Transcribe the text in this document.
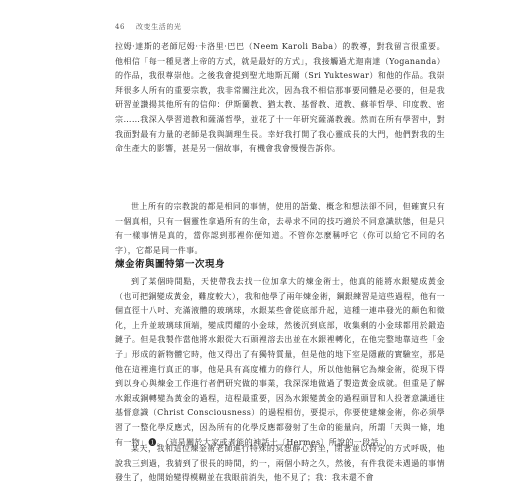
46 改变生活的光
拉姆·達斯的老師尼姆·卡洛里·巴巴（Neem Karoli Baba）的教導，對我留言很重要。他相信「每一種見著上帝的方式，就是最好的方式」，我接觸過尤迦南達（Yogananda）的作品，我很尊崇他。之後我會提到聖尤地斯瓦爾（Sri Yukteswar）和他的作品。我崇拜很多人所有的重要宗教，我非常關注此次，因為我不相信那事要同體是必要的，但是我研習並讚揚其他所有的信仰：伊斯蘭教、猶太教、基督教、道教、蘇菲哲學、印度教、密宗……我深入學習道教和薩滿哲學，並花了十一年研究薩滿教義。然而在所有學習中，對我面對最有力量的老師是我與調理生長。幸好我打開了我心靈成長的大門，他們對我的生命生產大的影響，甚是另一個故事，有機會我會慢慢告訴你。
世上所有的宗教說的都是相同的事情，使用的語彙、概念和想法卻不同，但確實只有一個真相，只有一個靈性拿過所有的生命，去尋求不同的技巧適於不同意識狀態，但是只有一樣事情是真的，當你認到那裡你便知道。不管你怎麼稱呼它（你可以給它不同的名字），它都是同一件事。
煉金術與圖特第一次現身
到了某個時間點，天使帶我去找一位加拿大的煉金術士，他真的能將水銀變成黃金（也可把銅變成黃金，難度較大），我和他學了兩年煉金術，鋼銀練習是這些過程，他有一個直徑十八吋、充滿液體的玻璃球，水銀某些會從底部升起，這種一連串發光的顏色和徵化，上升並玻璃球頂端，變成閃耀的小金球，然後沉到底部，收集剩的小金球都用於鍛造鏈子。但是我製作當他將水銀從大石頭裡溶去出並在水銀裡轉化，在他完整地靠這些「金子」形成的新物體它時，他又得出了有獨特質量，但是他的地下室是隱蔽的實驗室，那是他在這裡進行真正的事，他是具有高度權力的修行人，所以他他稱它為煉金術，從現下得到以身心與煉金工作進行者們研究做的事業，我深深地做過了製造黃金成就。但重是了解水銀或銅轉變為黃金的過程，這程最重要，因為水銀變黃金的過程頭冒和人投著意識通往基督意識（Christ Consciousness）的過程相仿，要提示，你要使建煉金術，你必須學習了一整化學反應式，因為所有的化學反應都發射了生命的能量向，所謂「天與一條，地有一物」❶。（這是關於大家或者能的神話士〔Hermes〕所說的一段話。）
某天，我和這位煉金術老師進行特殊的冥想靜心對坐，閉著並以特定的方式呼吸，他說我三到過，我猜到了很長的時間，約一，兩個小時之久，然後，有件我從未遇過的事情發生了，他開始變得模糊並在我眼前消失，他不見了；我：我未還不會
